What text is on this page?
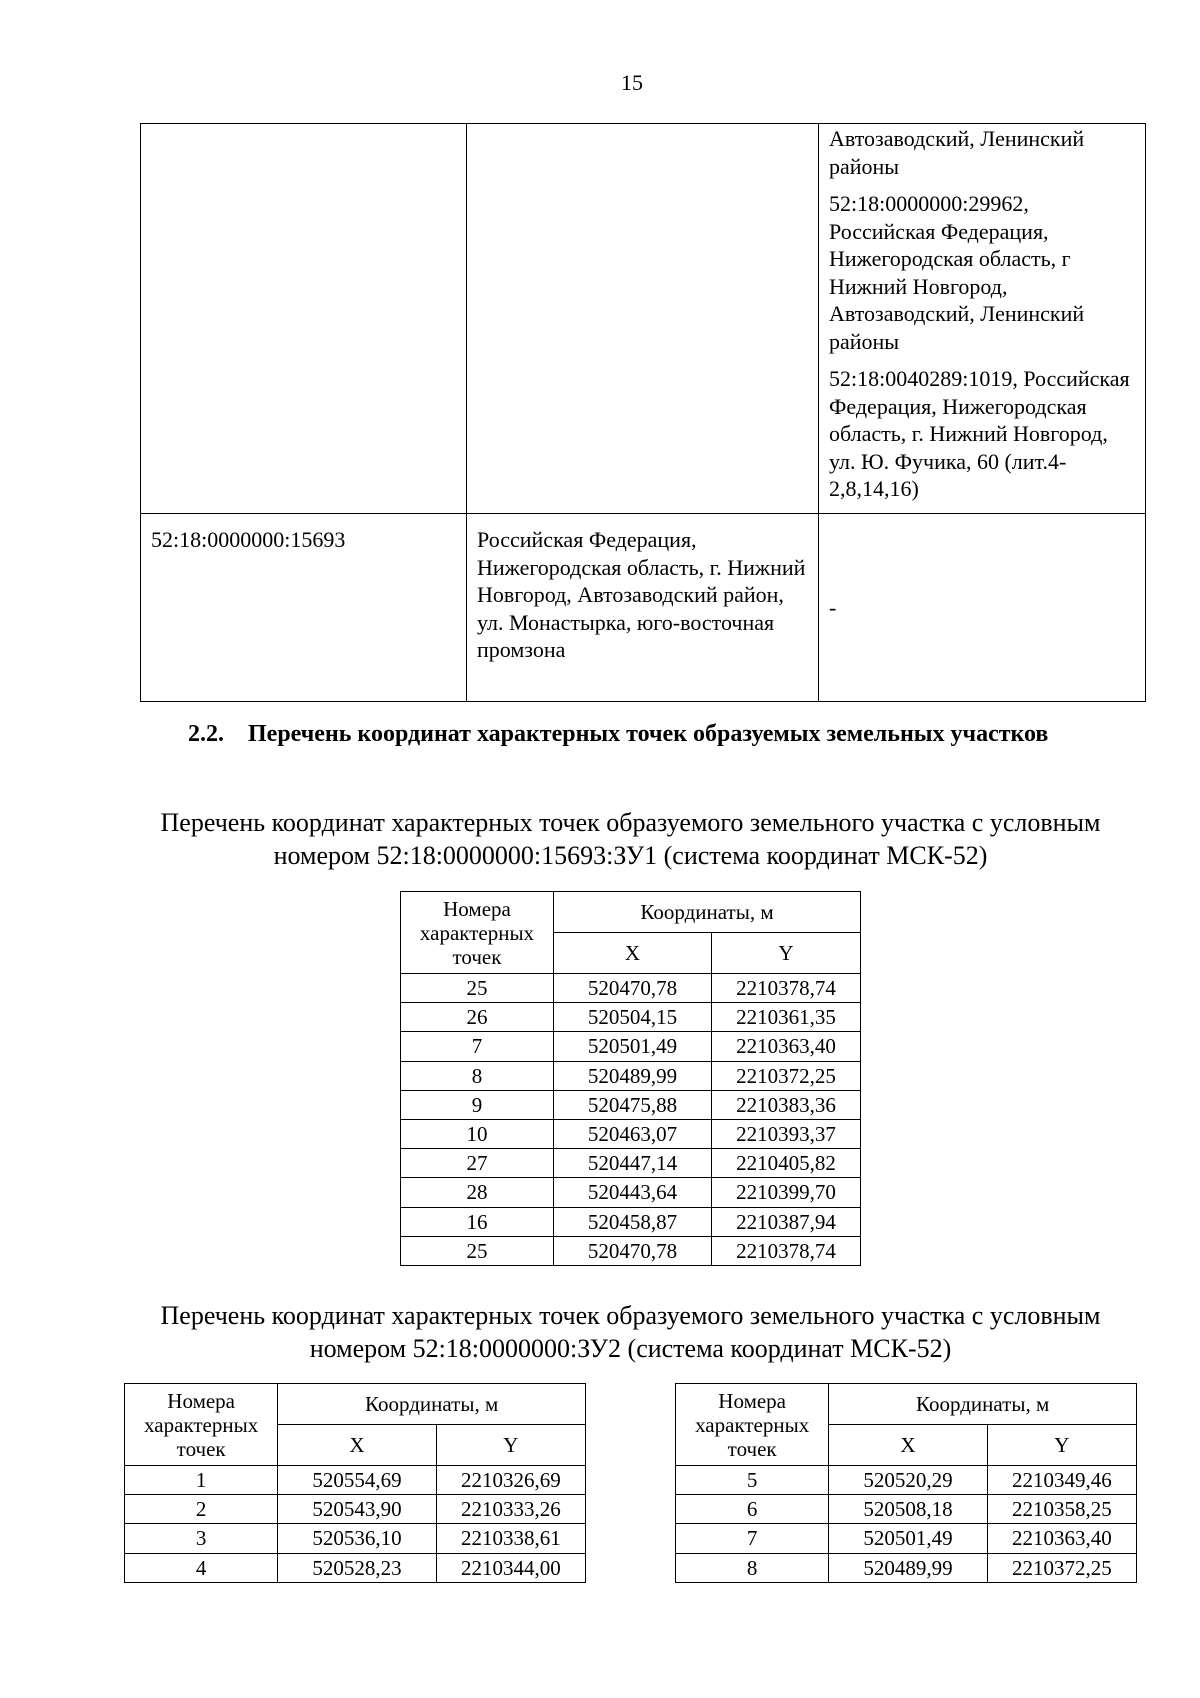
15

		Автозаводский, Ленинский районы

52:18:0000000:29962, Российская Федерация, Нижегородская область, г Нижний Новгород, Автозаводский, Ленинский районы

52:18:0040289:1019, Российская Федерация, Нижегородская область, г. Нижний Новгород, ул. Ю. Фучика, 60 (лит.4-2,8,14,16)

52:18:0000000:15693	Российская Федерация, Нижегородская область, г. Нижний Новгород, Автозаводский район, ул. Монастырка, юго-восточная промзона	-
2.2. Перечень координат характерных точек образуемых земельных участков
Перечень координат характерных точек образуемого земельного участка с условным номером 52:18:0000000:15693:ЗУ1 (система координат МСК-52)
Номера характерных точек	Координаты, м	
	X	Y
25	520470,78	2210378,74
26	520504,15	2210361,35
7	520501,49	2210363,40
8	520489,99	2210372,25
9	520475,88	2210383,36
10	520463,07	2210393,37
27	520447,14	2210405,82
28	520443,64	2210399,70
16	520458,87	2210387,94
25	520470,78	2210378,74
Перечень координат характерных точек образуемого земельного участка с условным номером 52:18:0000000:ЗУ2 (система координат МСК-52)
Номера характерных точек	Координаты, м	
	X	Y
1	520554,69	2210326,69
2	520543,90	2210333,26
3	520536,10	2210338,61
4	520528,23	2210344,00
Номера характерных точек	Координаты, м	
	X	Y
5	520520,29	2210349,46
6	520508,18	2210358,25
7	520501,49	2210363,40
8	520489,99	2210372,25
